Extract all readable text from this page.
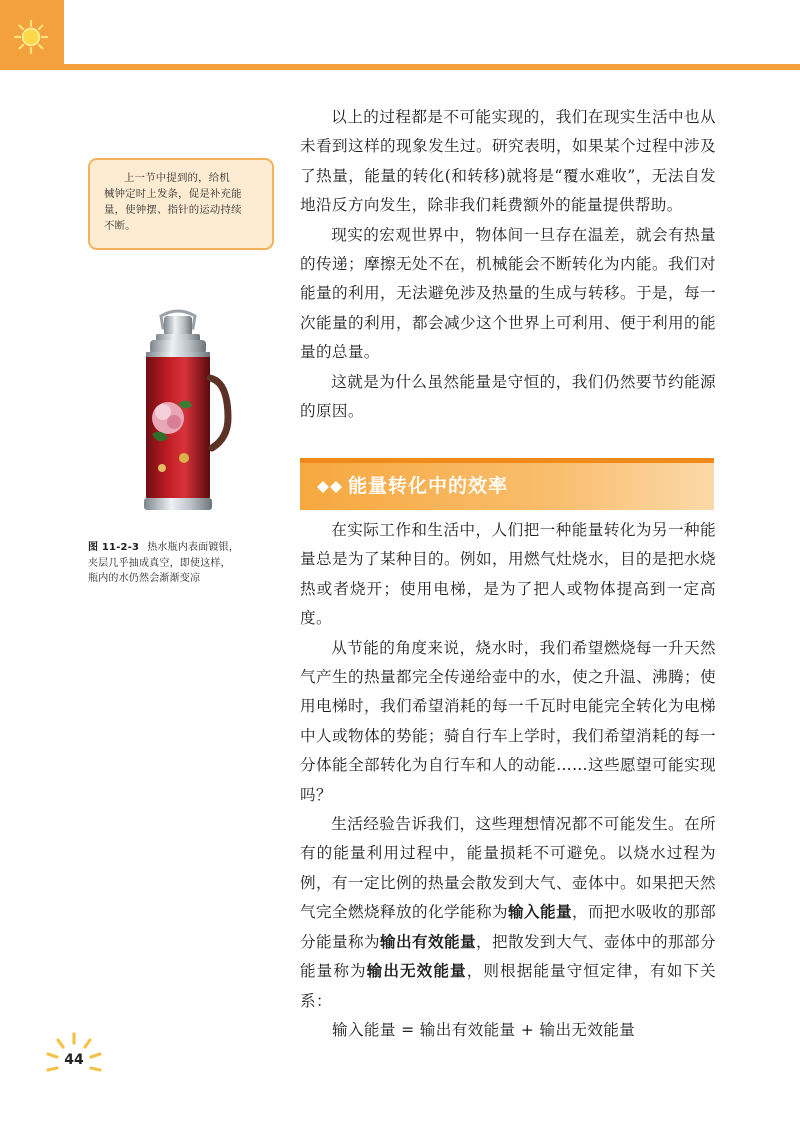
上一节中提到的，给机
械钟定时上发条，促是补充能
量，使钟摆、指针的运动持续
不断。
图 11-2-3 热水瓶内表面镀银，
夹层几乎抽成真空，即使这样，
瓶内的水仍然会渐渐变凉

以上的过程都是不可能实现的，我们在现实生活中也从未看到这样的现象发生过。研究表明，如果某个过程中涉及了热量，能量的转化(和转移)就将是“覆水难收”，无法自发地沿反方向发生，除非我们耗费额外的能量提供帮助。

现实的宏观世界中，物体间一旦存在温差，就会有热量的传递；摩擦无处不在，机械能会不断转化为内能。我们对能量的利用，无法避免涉及热量的生成与转移。于是，每一次能量的利用，都会减少这个世界上可利用、便于利用的能量的总量。

这就是为什么虽然能量是守恒的，我们仍然要节约能源的原因。

能量转化中的效率

在实际工作和生活中，人们把一种能量转化为另一种能量总是为了某种目的。例如，用燃气灶烧水，目的是把水烧热或者烧开；使用电梯，是为了把人或物体提高到一定高度。

从节能的角度来说，烧水时，我们希望燃烧每一升天然气产生的热量都完全传递给壶中的水，使之升温、沸腾；使用电梯时，我们希望消耗的每一千瓦时电能完全转化为电梯中人或物体的势能；骑自行车上学时，我们希望消耗的每一分体能全部转化为自行车和人的动能……这些愿望可能实现吗？

生活经验告诉我们，这些理想情况都不可能发生。在所有的能量利用过程中，能量损耗不可避免。以烧水过程为例，有一定比例的热量会散发到大气、壶体中。如果把天然气完全燃烧释放的化学能称为输入能量，而把水吸收的那部分能量称为输出有效能量，把散发到大气、壶体中的那部分能量称为输出无效能量，则根据能量守恒定律，有如下关系：

输入能量 = 输出有效能量 + 输出无效能量

44
